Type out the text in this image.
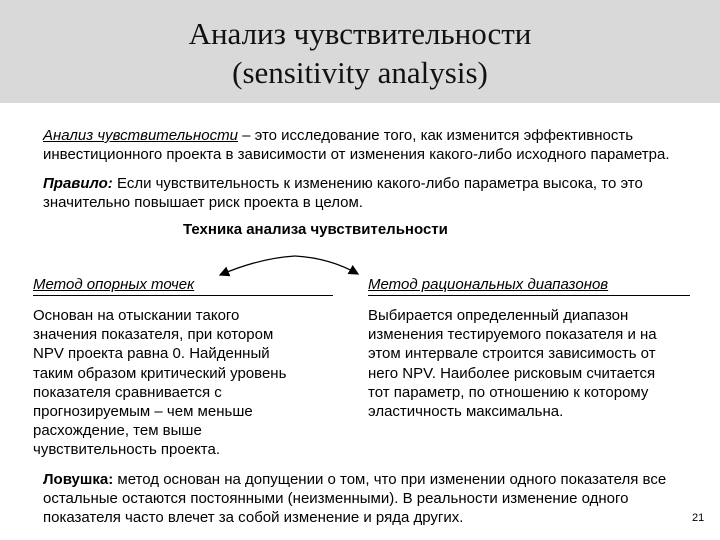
Анализ чувствительности
(sensitivity analysis)

Анализ чувствительности – это исследование того, как изменится эффективность

инвестиционного проекта в зависимости от изменения какого-либо исходного параметра.

Правило: Если чувствительность к изменению какого-либо параметра высока, то это

значительно повышает риск проекта в целом.

Техника анализа чувствительности
Метод опорных точек
Основан на отыскании такого
значения показателя, при котором
NPV проекта равна 0. Найденный
таким образом критический уровень
показателя сравнивается с
прогнозируемым – чем меньше
расхождение, тем выше
чувствительность проекта.
Метод рациональных диапазонов
Выбирается определенный диапазон
изменения тестируемого показателя и на
этом интервале строится зависимость от
него NPV. Наиболее рисковым считается
тот параметр, по отношению к которому
эластичность максимальна.

Ловушка: метод основан на допущении о том, что при изменении одного показателя все

остальные остаются постоянными (неизменными). В реальности изменение одного

показателя часто влечет за собой изменение и ряда других.	21
